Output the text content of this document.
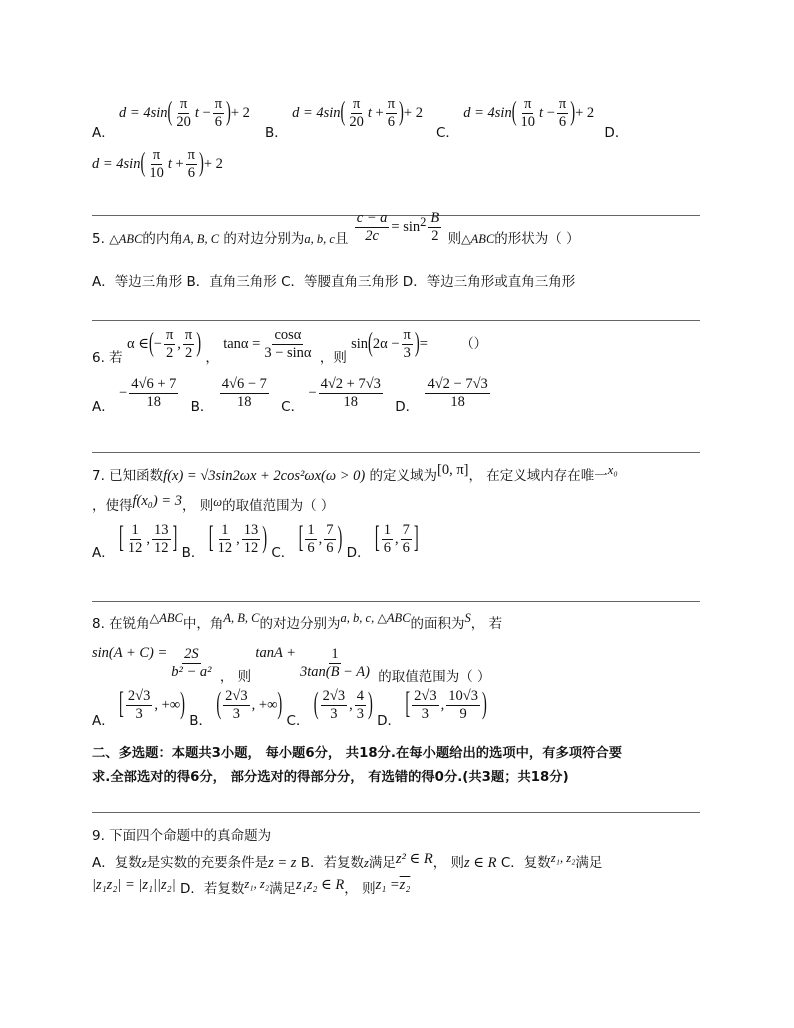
A． $d = 4\sin( \frac{\pi}{20}$ $t - \frac{\pi}{6}$ )+ 2
B． $d = 4\sin( \frac{\pi}{20}$ $t + \frac{\pi}{6}$ )+ 2
C． $d = 4\sin( \frac{\pi}{10}$ $t - \frac{\pi}{6}$ )+ 2 D．
$d = 4\sin( \frac{\pi}{10}$ $t + \frac{\pi}{6}$ )+ 2
5. △ABC的内角A, B, C 的对边分别为a, b, c且 $\frac{c - a}{2c} = \sin^2 \frac{B}{2}$ 则△ABC的形状为（ ）
A．等边三角形 B．直角三角形 C．等腰直角三角形 D．等边三角形或直角三角形
6. 若 α ∈(− $\frac{\pi}{2}$ , $\frac{\pi}{2}$ ) ， $\tan\alpha = \frac{\cos\alpha}{3 - \sin\alpha}$ ，则 $\sin(2\alpha - \frac{\pi}{3}$ )= （）
A． − $\frac{4√6 + 7}{18}$ B． $\frac{4√6 - 7}{18}$ C． − $\frac{4√2 + 7√3}{18}$ D． $\frac{4√2 - 7√3}{18}$
7. 已知函数f(x) = √3sin2ωx + 2cos²ωx(ω > 0) 的定义域为[0, π]， 在定义域内存在唯一x₀
，使得f(x₀) = 3， 则ω的取值范围为（ ）
A． [ $\frac{1}{12}$ , $\frac{13}{12}$ ] B． [ $\frac{1}{12}$ , $\frac{13}{12}$ ) C． [ $\frac{1}{6}$ , $\frac{7}{6}$ ) D． [ $\frac{1}{6}$ , $\frac{7}{6}$ ]
8. 在锐角△ABC中，角A, B, C的对边分别为a, b, c, △ABC的面积为S， 若
$\sin(A + C) = \frac{2S}{\text{b² − a²}}$ ， 则 $\tan A + \frac{1}{3\tan(B - A)}$ 的取值范围为（ ）
A． [ $\frac{2√3}{3}$ , +∞) B． ( $\frac{2√3}{3}$ , +∞) C． ( $\frac{2√3}{3}$ , $\frac{4}{3}$ ) D． [ $\frac{2√3}{3}$ , $\frac{10√3}{9}$ )
二、多选题：本题共3小题， 每小题6分， 共18分.在每小题给出的选项中，有多项符合要
求.全部选对的得6分， 部分选对的得部分分， 有选错的得0分.(共3题；共18分)
9. 下面四个命题中的真命题为
A．复数z是实数的充要条件是z = z B．若复数z满足z² ∈ R， 则z ∈ R C．复数z₁, z₂满足
|z₁z₂| = |z₁||z₂| D．若复数z₁, z₂满足z₁z₂ ∈ R， 则z₁ =z₂
